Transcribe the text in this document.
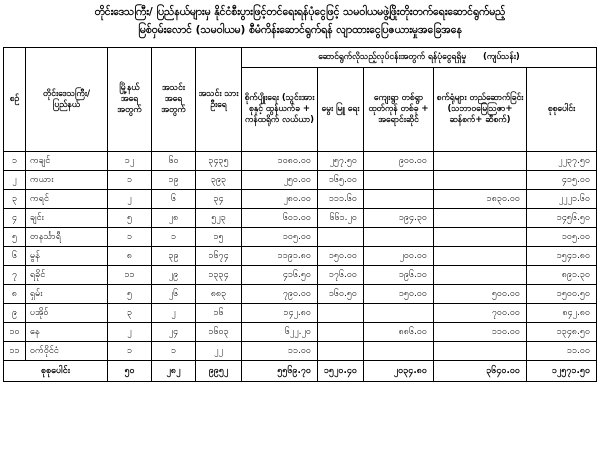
တိုင်းဒေသကြီး/ ပြည်နယ်များမှ နိုင်ငံစီးပွားဖြင့်တင်ရေးရန်ပုံငွေဖြင့် သမဝါယမဖွဲ့ဖြိုးတိုးတက်ရေးဆောင်ရွက်မည့်
မြစ်ဝှမ်းလောင် (သမဝါယမ) စီမံကိန်းဆောင်ရွက်ရန် လျာထားငွေပြဇယားမှုအခြေအနေ
စဉ်	တိုင်းဒေသကြီး/ ပြည်နယ်	မြို့နယ် အရေ အတွက်	အသင်း အရေ အတွက်	အသင်း သား ဦးရေ	ဆောင်ရွက်လိုသည့်လုပ်ငန်းအတွက် ရန်ပုံငွေရရှိမှု (ကျပ်သန်း)				
					စိုက်ပျိုးရေး (သွင်းအားစုနှင့် ထွန်ယက်ခ + ကန်ထရိုက် လယ်ယာ)	မွေး မြူ ရေး	ကျေးရွာ တစ်ရွာ ထုတ်ကုန် တစ်ခု + အရောင်းဆိုင်	စက်ရုံများ တည်ဆောက်ခြင်း (သဘာဝမြေဩဇာ+ ဆန်စက်+ ဆီစက်)	စုစုပေါင်း
၁	ကချင်	၁၂	၆၀	၃၄၃၅	၁၀၈၀.၀၀	၂၅၇.၅၀	၉၀၀.၀၀		၂၂၃၇.၅၀
၂	ကယား	၁	၁၉	၃၉၃	၂၅၀.၀၀	၁၆၅.၀၀			၄၁၅.၀၀
၃	ကရင်	၂	၆	၃၄	၂၈၀.၀၀	၁၁၁.၆၀		၁၈၃၀.၀၀	၂၂၂၁.၆၀
၄	ချင်း	၅	၂၈	၅၂၃	၆၀၁.၀၀	၆၆၁.၂၀	၁၉၄.၃၀		၁၄၅၆.၅၀
၅	တနင်္သာရီ	၁	၁	၁၅	၁၀၅.၀၀				၁၀၅.၀၀
၆	မွန်	၈	၃၉	၁၆၇၄	၁၁၉၁.၈၀	၁၅၀.၀၀	၂၀၀.၀၀		၁၅၄၁.၈၀
၇	ရခိုင်	၁၁	၂၉	၁၃၃၄	၄၁၆.၅၀	၁၇၆.၀၀	၁၉၆.၁၀		၈၉၁.၃၀
၈	ရှမ်း	၅	၂၆	၈၈၃	၇၉၀.၀၀	၁၆၀.၅၀	၁၅၀.၀၀	၅၀၀.၀၀	၁၅၀၀.၅၀
၉	ပအိုဝ်	၃	၂	၁၆	၁၄၂.၈၀			၇၀၀.၀၀	၈၄၂.၈၀
၁၀	နေ	၂	၂၄	၁၆၀၃	၆၂၂.၂၀		၈၈၆.၀၀	၁၁၀.၀၀	၁၃၄၈.၅၀
၁၁	ဝက်ဝိုင်ငံ	၁	၁	၂၂	၁၁.၀၀				၁၁.၀၀
စုစုပေါင်း		၅၀	၂၈၂	၉၉၅၂	၅၅၆၉.၇၀	၁၅၂၀.၄၀	၂၀၃၄.၈၀	၃၆၄၀.၀၀	၁၂၅၇၁.၅၀
